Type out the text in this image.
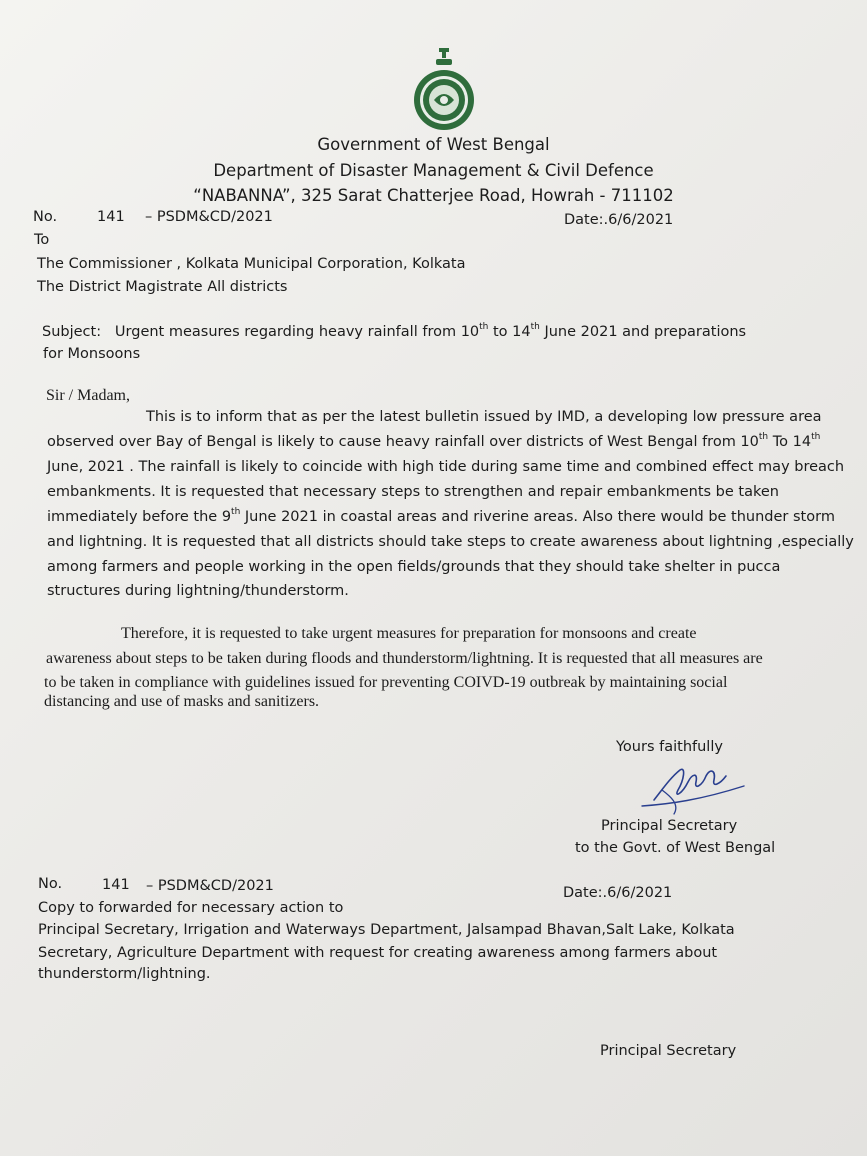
Government of West Bengal
Department of Disaster Management & Civil Defence
“NABANNA”, 325 Sarat Chatterjee Road, Howrah - 711102
No.	141 – PSDM&CD/2021	Date:.6/6/2021
To
The Commissioner , Kolkata Municipal Corporation, Kolkata
The District Magistrate All districts
Subject: Urgent measures regarding heavy rainfall from 10th to 14th June 2021 and preparations
for Monsoons
Sir / Madam,
This is to inform that as per the latest bulletin issued by IMD, a developing low pressure area
observed over Bay of Bengal is likely to cause heavy rainfall over districts of West Bengal from 10th To 14th
June, 2021 . The rainfall is likely to coincide with high tide during same time and combined effect may breach
embankments. It is requested that necessary steps to strengthen and repair embankments be taken
immediately before the 9th June 2021 in coastal areas and riverine areas. Also there would be thunder storm
and lightning. It is requested that all districts should take steps to create awareness about lightning ,especially
among farmers and people working in the open fields/grounds that they should take shelter in pucca
structures during lightning/thunderstorm.
Therefore, it is requested to take urgent measures for preparation for monsoons and create
awareness about steps to be taken during floods and thunderstorm/lightning. It is requested that all measures are
to be taken in compliance with guidelines issued for preventing COIVD-19 outbreak by maintaining social
distancing and use of masks and sanitizers.
Yours faithfully
Principal Secretary
to the Govt. of West Bengal
No.	141 – PSDM&CD/2021	Date:.6/6/2021
Copy to forwarded for necessary action to
Principal Secretary, Irrigation and Waterways Department, Jalsampad Bhavan,Salt Lake, Kolkata
Secretary, Agriculture Department with request for creating awareness among farmers about
thunderstorm/lightning.
Principal Secretary
